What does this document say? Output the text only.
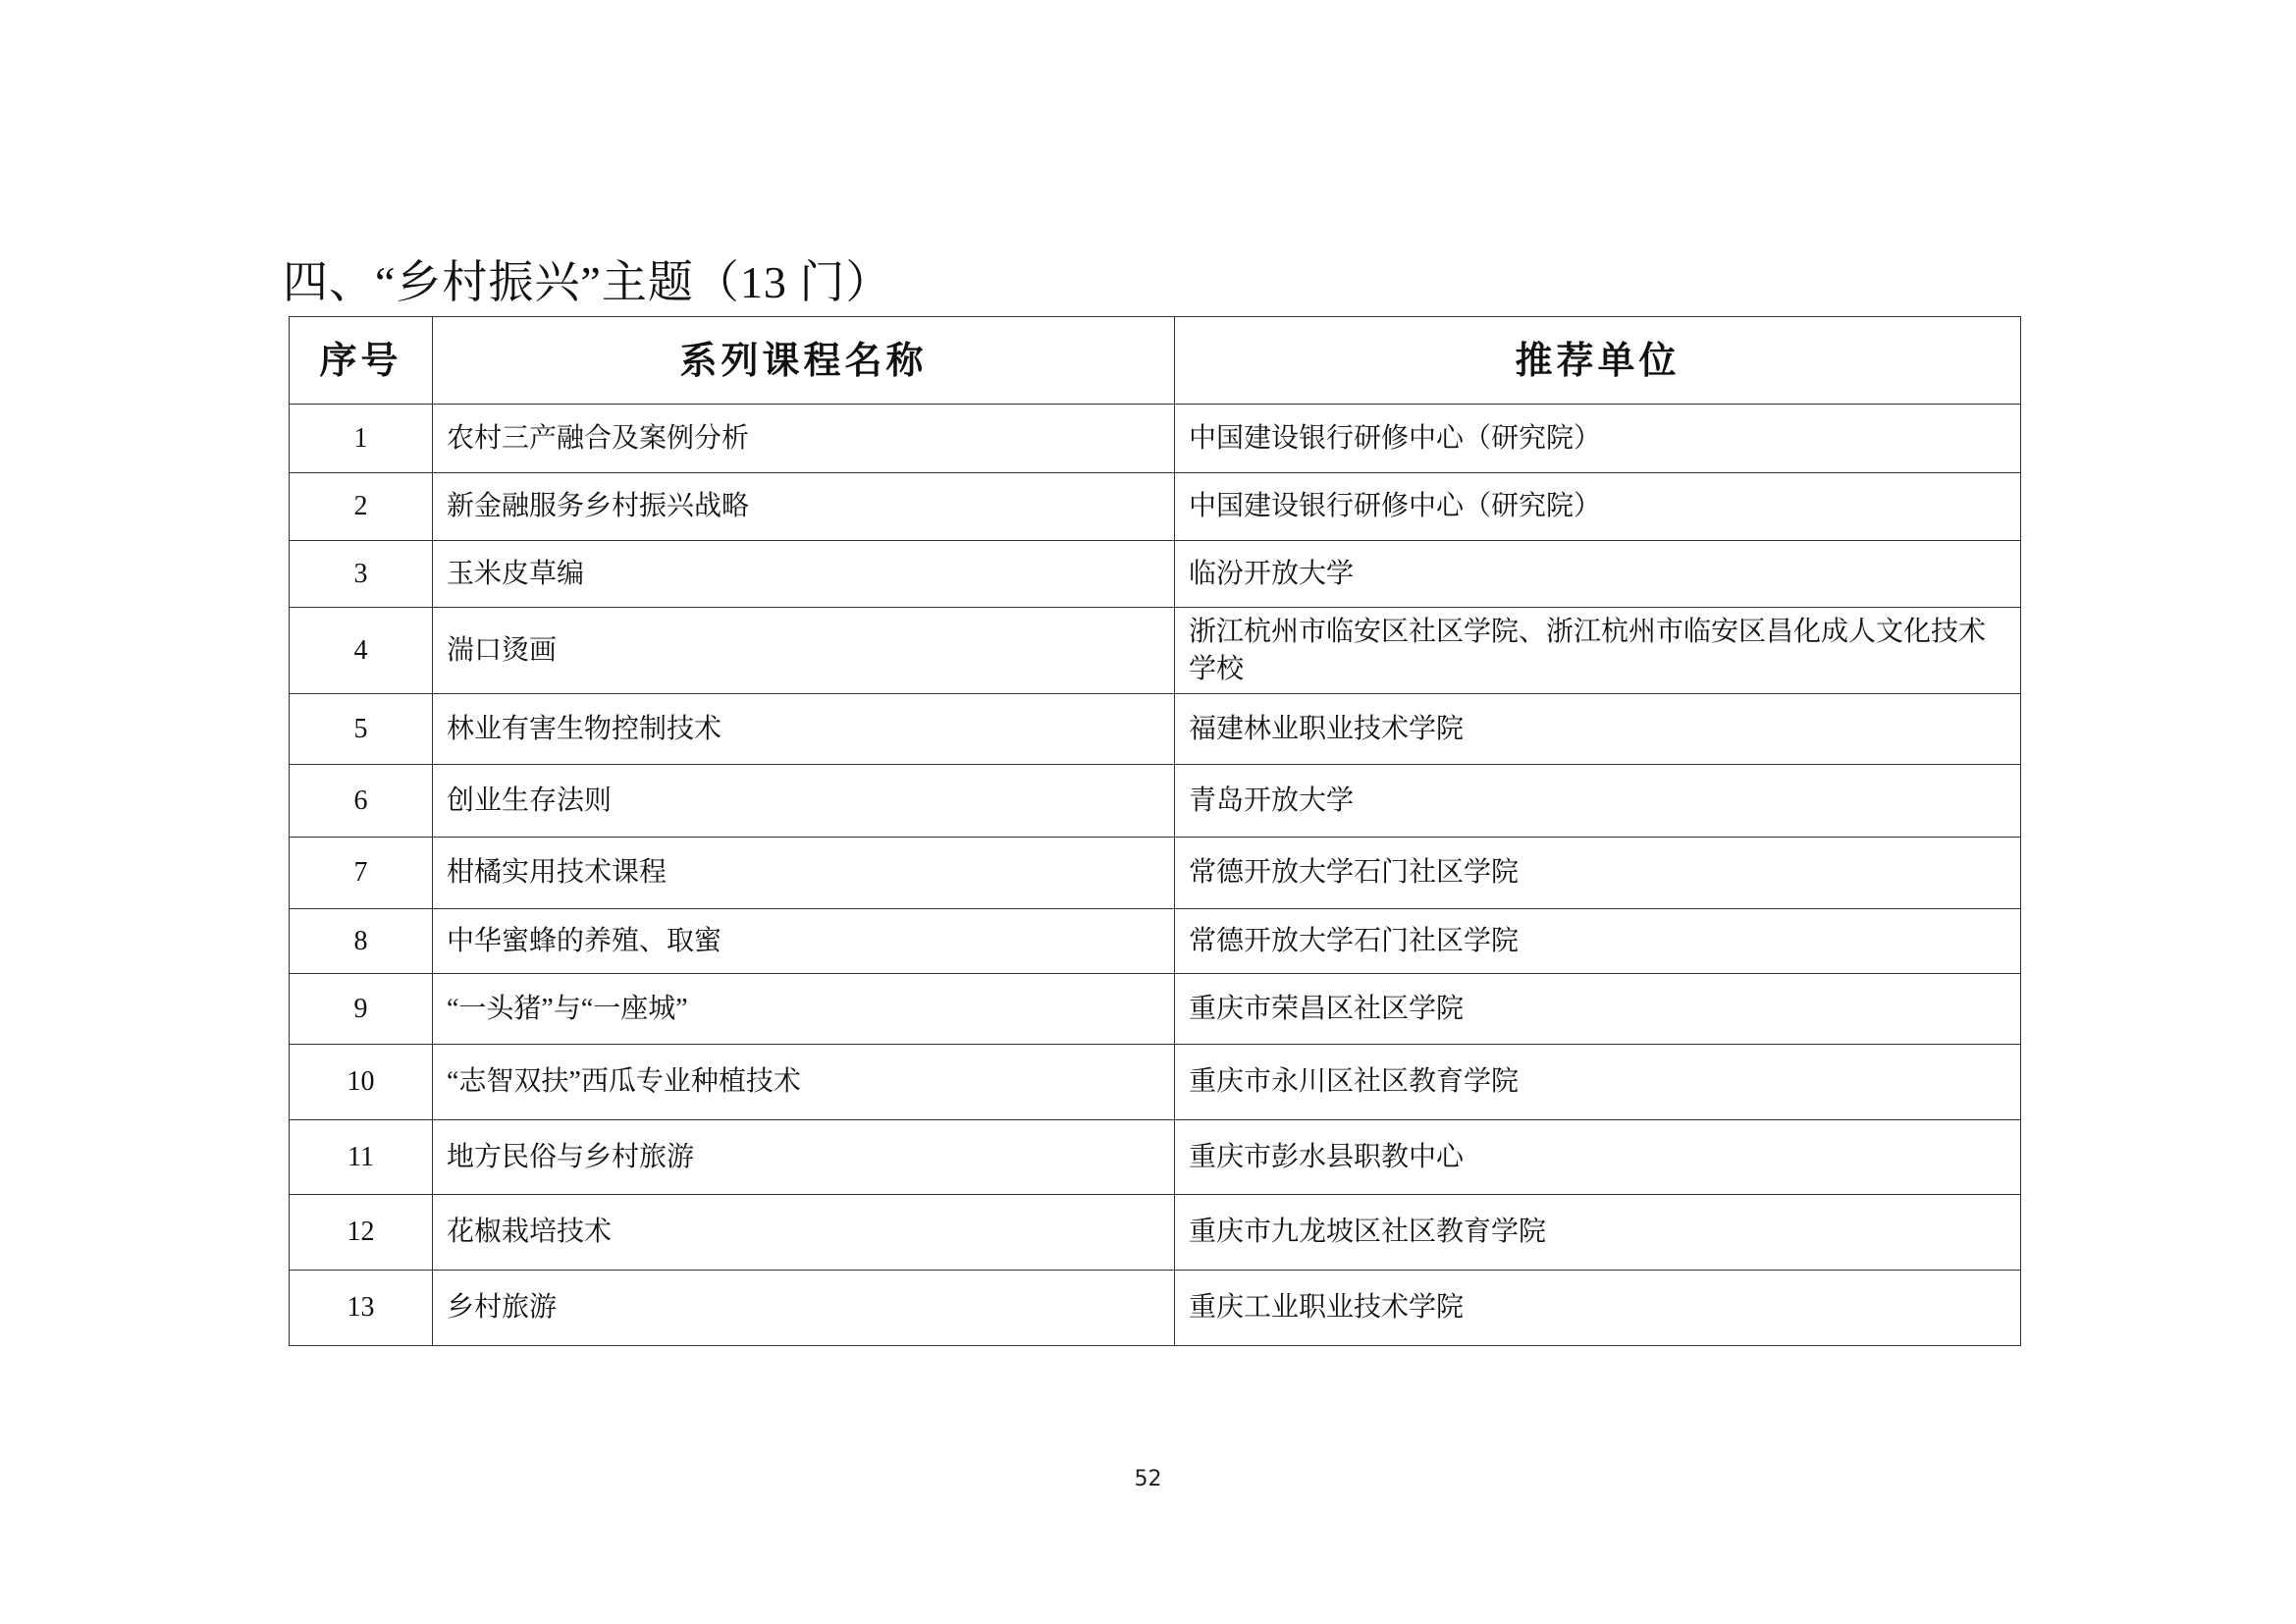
四、“乡村振兴”主题（13 门）
序号	系列课程名称	推荐单位
1	农村三产融合及案例分析	中国建设银行研修中心（研究院）
2	新金融服务乡村振兴战略	中国建设银行研修中心（研究院）
3	玉米皮草编	临汾开放大学
4	湍口烫画	浙江杭州市临安区社区学院、浙江杭州市临安区昌化成人文化技术学校
5	林业有害生物控制技术	福建林业职业技术学院
6	创业生存法则	青岛开放大学
7	柑橘实用技术课程	常德开放大学石门社区学院
8	中华蜜蜂的养殖、取蜜	常德开放大学石门社区学院
9	“一头猪”与“一座城”	重庆市荣昌区社区学院
10	“志智双扶”西瓜专业种植技术	重庆市永川区社区教育学院
11	地方民俗与乡村旅游	重庆市彭水县职教中心
12	花椒栽培技术	重庆市九龙坡区社区教育学院
13	乡村旅游	重庆工业职业技术学院
52
